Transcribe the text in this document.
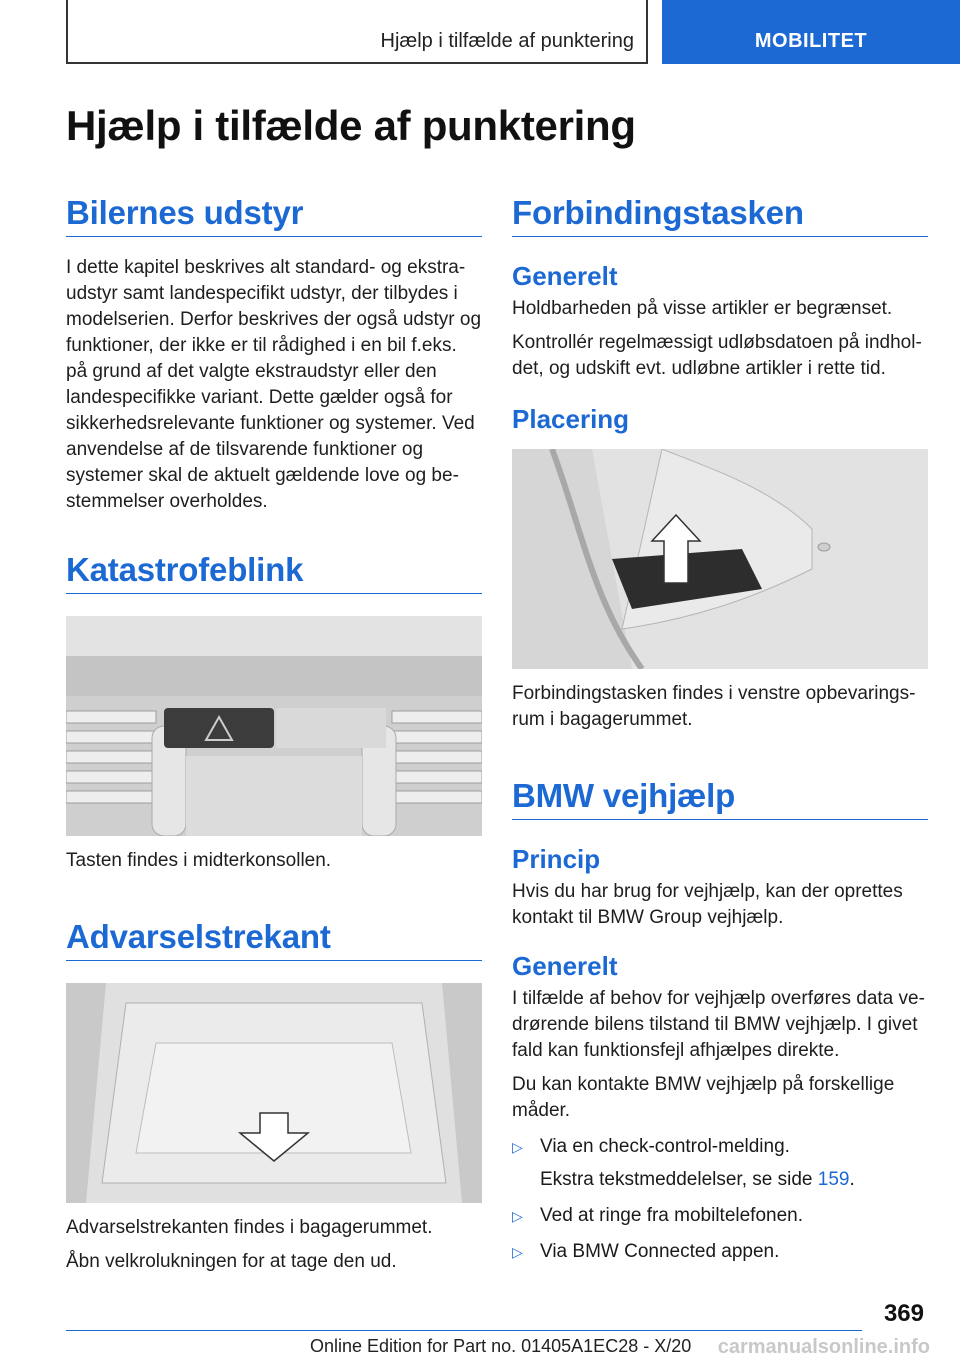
Hjælp i tilfælde af punktering	MOBILITET
Hjælp i tilfælde af punktering
Bilernes udstyr

I dette kapitel beskrives alt standard- og ekstraudstyr samt landespecifikt udstyr, der tilbydes i modelserien. Derfor beskrives der også udstyr og funktioner, der ikke er til rådighed i en bil f.eks. på grund af det valgte ekstraudstyr eller den landespecifikke variant. Dette gælder også for sikkerhedsrelevante funktioner og systemer. Ved anvendelse af de tilsvarende funktioner og systemer skal de aktuelt gældende love og bestemmelser overholdes.

Katastrofeblink

Tasten findes i midterkonsollen.

Advarselstrekant

Advarselstrekanten findes i bagagerummet.

Åbn velkrolukningen for at tage den ud.

Forbindingstasken
Generelt

Holdbarheden på visse artikler er begrænset.

Kontrollér regelmæssigt udløbsdatoen på indholdet, og udskift evt. udløbne artikler i rette tid.

Placering

Forbindingstasken findes i venstre opbevaringsrum i bagagerummet.

BMW vejhjælp
Princip

Hvis du har brug for vejhjælp, kan der oprettes kontakt til BMW Group vejhjælp.

Generelt

I tilfælde af behov for vejhjælp overføres data vedrørende bilens tilstand til BMW vejhjælp. I givet fald kan funktionsfejl afhjælpes direkte.

Du kan kontakte BMW vejhjælp på forskellige måder.

▷ Via en check-control-melding.
Ekstra tekstmeddelelser, se side 159.
▷ Ved at ringe fra mobiltelefonen.
▷ Via BMW Connected appen.
369
Online Edition for Part no. 01405A1EC28 - X/20 carmanualsonline.info
